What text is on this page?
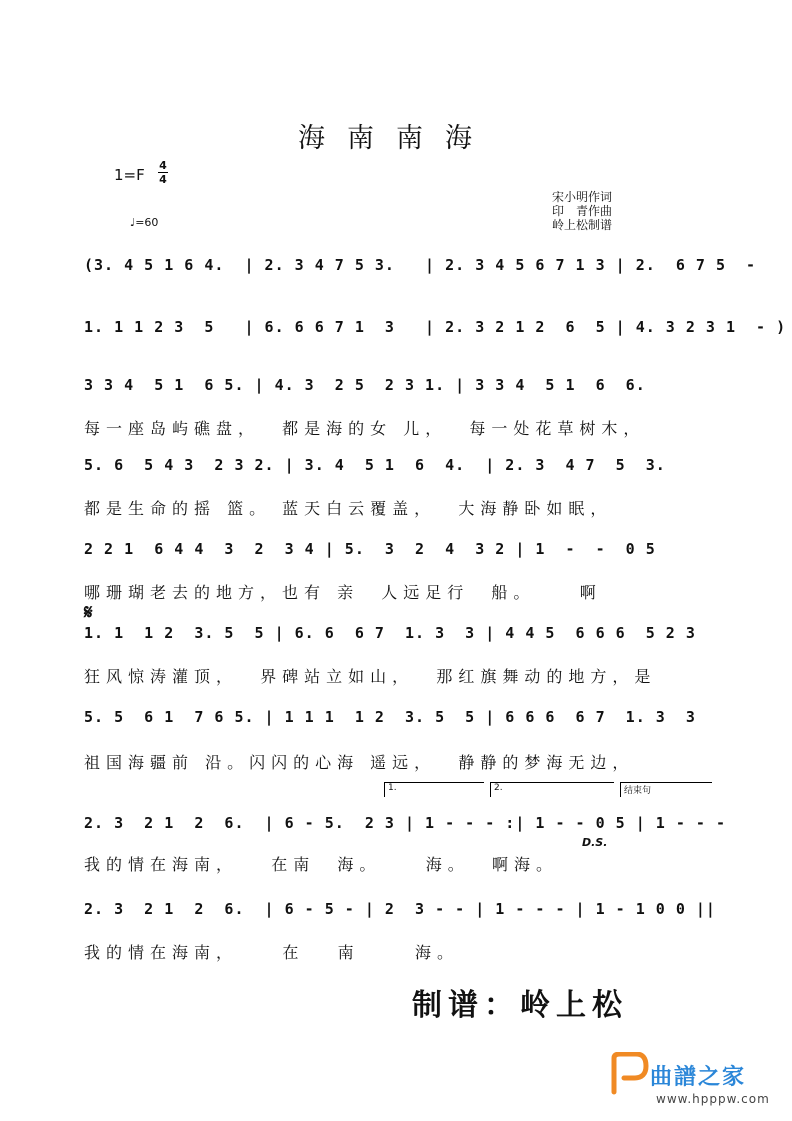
海南南海
1=F
4
4
♩=60
宋小明作词
印　青作曲
岭上松制谱
(3. 4 5 1 6 4.  | 2. 3 4 7 5 3.   | 2. 3 4 5 6 7 1 3 | 2.  6 7 5  -
1. 1 1 2 3  5   | 6. 6 6 7 1  3   | 2. 3 2 1 2  6  5 | 4. 3 2 3 1  - )
3 3 4  5 1  6 5. | 4. 3  2 5  2 3 1. | 3 3 4  5 1  6  6.
每一座岛屿礁盘，  都是海的女 儿，  每一处花草树木，
5. 6  5 4 3  2 3 2. | 3. 4  5 1  6  4.  | 2. 3  4 7  5  3.
都是生命的摇 篮。 蓝天白云覆盖，  大海静卧如眠，
2 2 1  6 4 4  3  2  3 4 | 5.  3  2  4  3 2 | 1  -  -  0 5
哪珊瑚老去的地方，也有 亲  人远足行  船。    啊
𝄋
1. 1  1 2  3. 5  5 | 6. 6  6 7  1. 3  3 | 4 4 5  6 6 6  5 2 3
狂风惊涛灌顶，  界碑站立如山，  那红旗舞动的地方，是
5. 5  6 1  7 6 5. | 1 1 1  1 2  3. 5  5 | 6 6 6  6 7  1. 3  3
祖国海疆前 沿。闪闪的心海 遥远，  静静的梦海无边，
1.	2.	结束句
2. 3  2 1  2  6.  | 6 - 5.  2 3 | 1 - - - :| 1 - - 0 5 | 1 - - -
D.S.
我的情在海南，   在南  海。    海。  啊海。
2. 3  2 1  2  6.  | 6 - 5 - | 2  3 - - | 1 - - - | 1 - 1 0 0 ||
我的情在海南，    在   南     海。
制谱：岭上松
曲譜之家
www.hpppw.com
